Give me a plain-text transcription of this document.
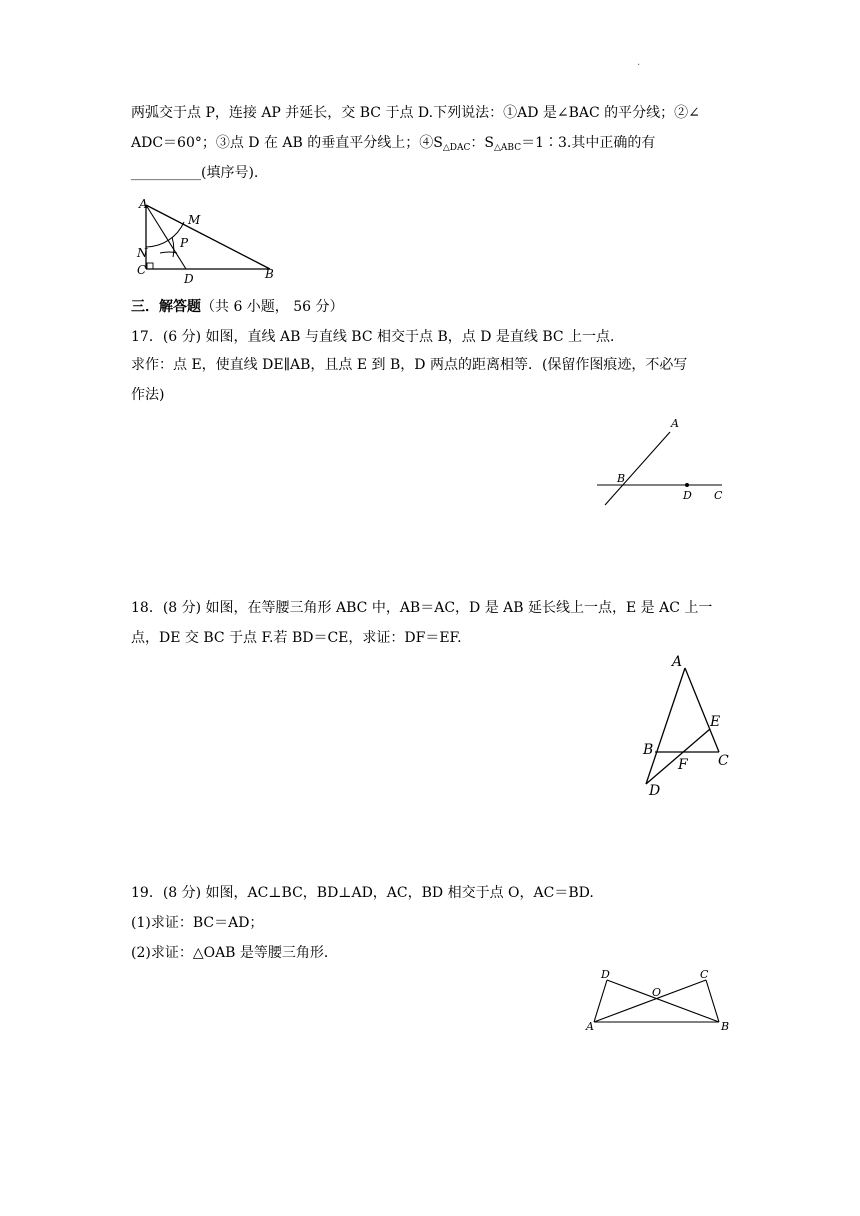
·
两弧交于点 P，连接 AP 并延长，交 BC 于点 D.下列说法：①AD 是∠BAC 的平分线；②∠
ADC＝60°；③点 D 在 AB 的垂直平分线上；$④S_{\triangle DAC}$：$S_{\triangle ABC}=1∶3$.其中正确的有
__________(填序号).
A
M
N
P
C
D	B
三．解答题（共 6 小题， 56 分）
17．(6 分) 如图，直线 AB 与直线 BC 相交于点 B，点 D 是直线 BC 上一点．
求作：点 E，使直线 DE∥AB，且点 E 到 B，D 两点的距离相等．(保留作图痕迹，不必写
作法)
A
B
D C
18．(8 分) 如图，在等腰三角形 ABC 中，AB＝AC，D 是 AB 延长线上一点，E 是 AC 上一
点，DE 交 BC 于点 F.若 BD＝CE，求证：DF＝EF.
A
E
B
C
F
D
19．(8 分) 如图，AC⊥BC，BD⊥AD，AC，BD 相交于点 O，AC＝BD.
(1)求证：BC＝AD；
(2)求证：△OAB 是等腰三角形．
D
O
C
A	B
